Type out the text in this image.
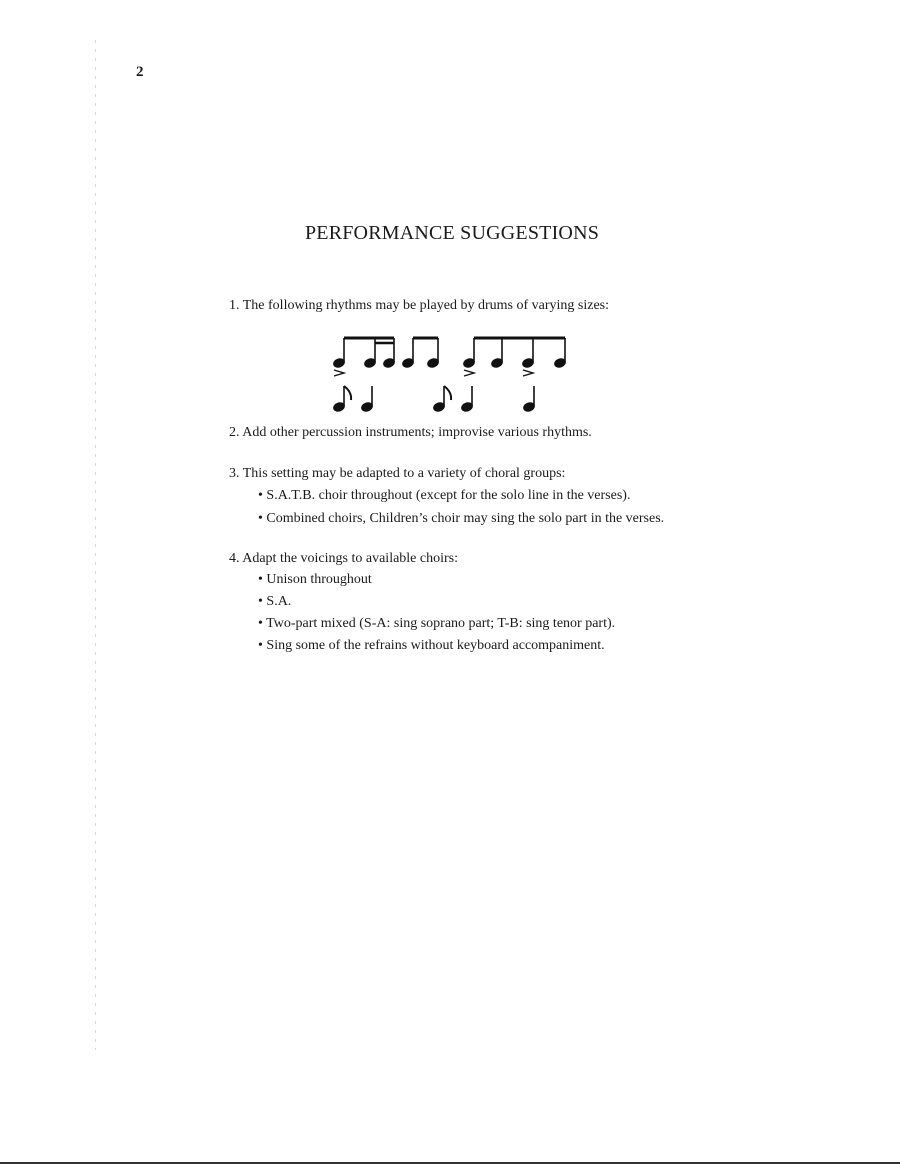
2
PERFORMANCE SUGGESTIONS
1. The following rhythms may be played by drums of varying sizes:
2. Add other percussion instruments; improvise various rhythms.
3. This setting may be adapted to a variety of choral groups:
• S.A.T.B. choir throughout (except for the solo line in the verses).
• Combined choirs, Children’s choir may sing the solo part in the verses.
4. Adapt the voicings to available choirs:
• Unison throughout
• S.A.
• Two-part mixed (S-A: sing soprano part; T-B: sing tenor part).
• Sing some of the refrains without keyboard accompaniment.
